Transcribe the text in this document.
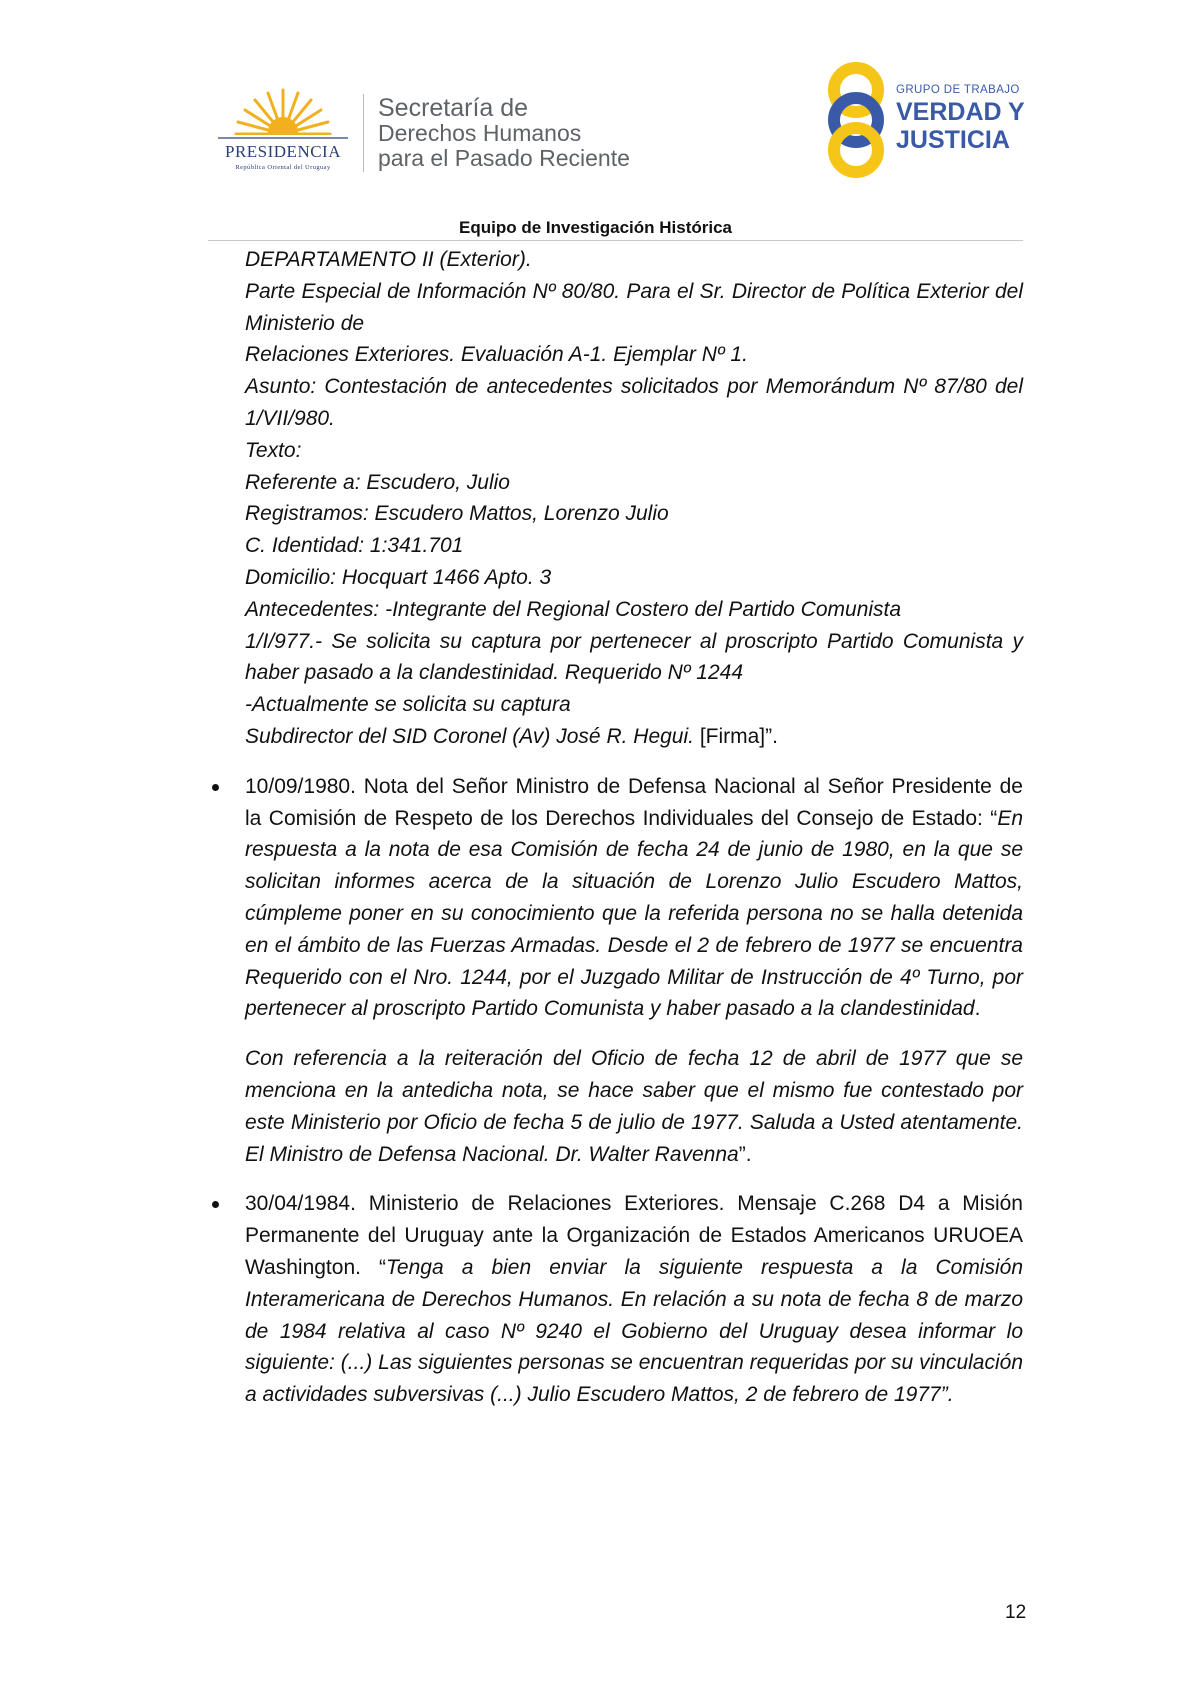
PRESIDENCIA
República Oriental del Uruguay
Secretaría de
Derechos Humanos
para el Pasado Reciente
GRUPO DE TRABAJO
VERDAD Y
JUSTICIA
Equipo de Investigación Histórica

DEPARTAMENTO II (Exterior).

Parte Especial de Información Nº 80/80. Para el Sr. Director de Política Exterior del Ministerio de

Relaciones Exteriores. Evaluación A-1. Ejemplar Nº 1.

Asunto: Contestación de antecedentes solicitados por Memorándum Nº 87/80 del 1/VII/980.

Texto:

Referente a: Escudero, Julio

Registramos: Escudero Mattos, Lorenzo Julio

C. Identidad: 1:341.701

Domicilio: Hocquart 1466 Apto. 3

Antecedentes: -Integrante del Regional Costero del Partido Comunista

1/I/977.- Se solicita su captura por pertenecer al proscripto Partido Comunista y haber pasado a la clandestinidad. Requerido Nº 1244

-Actualmente se solicita su captura

Subdirector del SID Coronel (Av) José R. Hegui. [Firma]”.

10/09/1980. Nota del Señor Ministro de Defensa Nacional al Señor Presidente de la Comisión de Respeto de los Derechos Individuales del Consejo de Estado: “En respuesta a la nota de esa Comisión de fecha 24 de junio de 1980, en la que se solicitan informes acerca de la situación de Lorenzo Julio Escudero Mattos, cúmpleme poner en su conocimiento que la referida persona no se halla detenida en el ámbito de las Fuerzas Armadas. Desde el 2 de febrero de 1977 se encuentra Requerido con el Nro. 1244, por el Juzgado Militar de Instrucción de 4º Turno, por pertenecer al proscripto Partido Comunista y haber pasado a la clandestinidad.

Con referencia a la reiteración del Oficio de fecha 12 de abril de 1977 que se menciona en la antedicha nota, se hace saber que el mismo fue contestado por este Ministerio por Oficio de fecha 5 de julio de 1977. Saluda a Usted atentamente. El Ministro de Defensa Nacional. Dr. Walter Ravenna”.

30/04/1984. Ministerio de Relaciones Exteriores. Mensaje C.268 D4 a Misión Permanente del Uruguay ante la Organización de Estados Americanos URUOEA Washington. “Tenga a bien enviar la siguiente respuesta a la Comisión Interamericana de Derechos Humanos. En relación a su nota de fecha 8 de marzo de 1984 relativa al caso Nº 9240 el Gobierno del Uruguay desea informar lo siguiente: (...) Las siguientes personas se encuentran requeridas por su vinculación a actividades subversivas (...) Julio Escudero Mattos, 2 de febrero de 1977”.

12
